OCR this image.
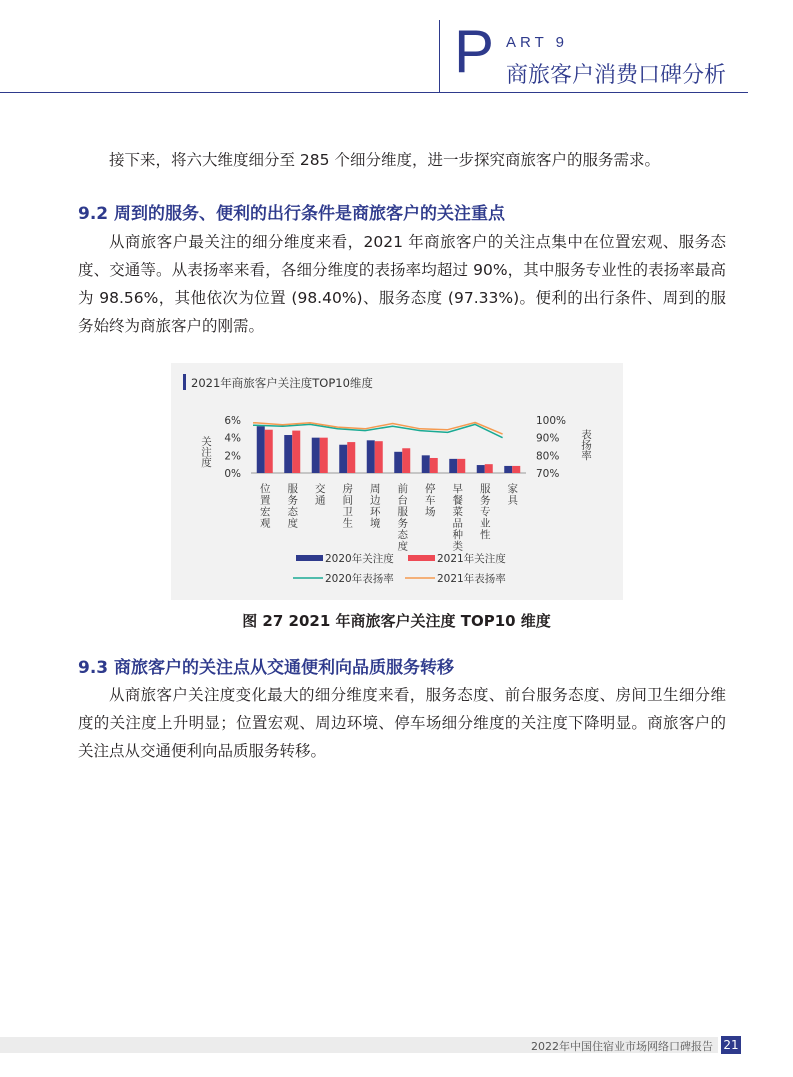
P ART 9
商旅客户消费口碑分析

接下来，将六大维度细分至 285 个细分维度，进一步探究商旅客户的服务需求。

9.2 周到的服务、便利的出行条件是商旅客户的关注重点

从商旅客户最关注的细分维度来看，2021 年商旅客户的关注点集中在位置宏观、服务态度、交通等。从表扬率来看，各细分维度的表扬率均超过 90%，其中服务专业性的表扬率最高为 98.56%，其他依次为位置 (98.40%)、服务态度 (97.33%)。便利的出行条件、周到的服务始终为商旅客户的刚需。

2021年商旅客户关注度TOP10维度
关注度	表扬率
0%
2%
4%
6%
70%
80%
90%
100%
位置宏观 服务态度 交通 房间卫生 周边环境 前台服务态度 停车场 早餐菜品种类 服务专业性 家具
2020年关注度	2021年关注度
2020年表扬率	2021年表扬率
图 27 2021 年商旅客户关注度 TOP10 维度
9.3 商旅客户的关注点从交通便利向品质服务转移

从商旅客户关注度变化最大的细分维度来看，服务态度、前台服务态度、房间卫生细分维度的关注度上升明显；位置宏观、周边环境、停车场细分维度的关注度下降明显。商旅客户的关注点从交通便利向品质服务转移。

2022年中国住宿业市场网络口碑报告 21
